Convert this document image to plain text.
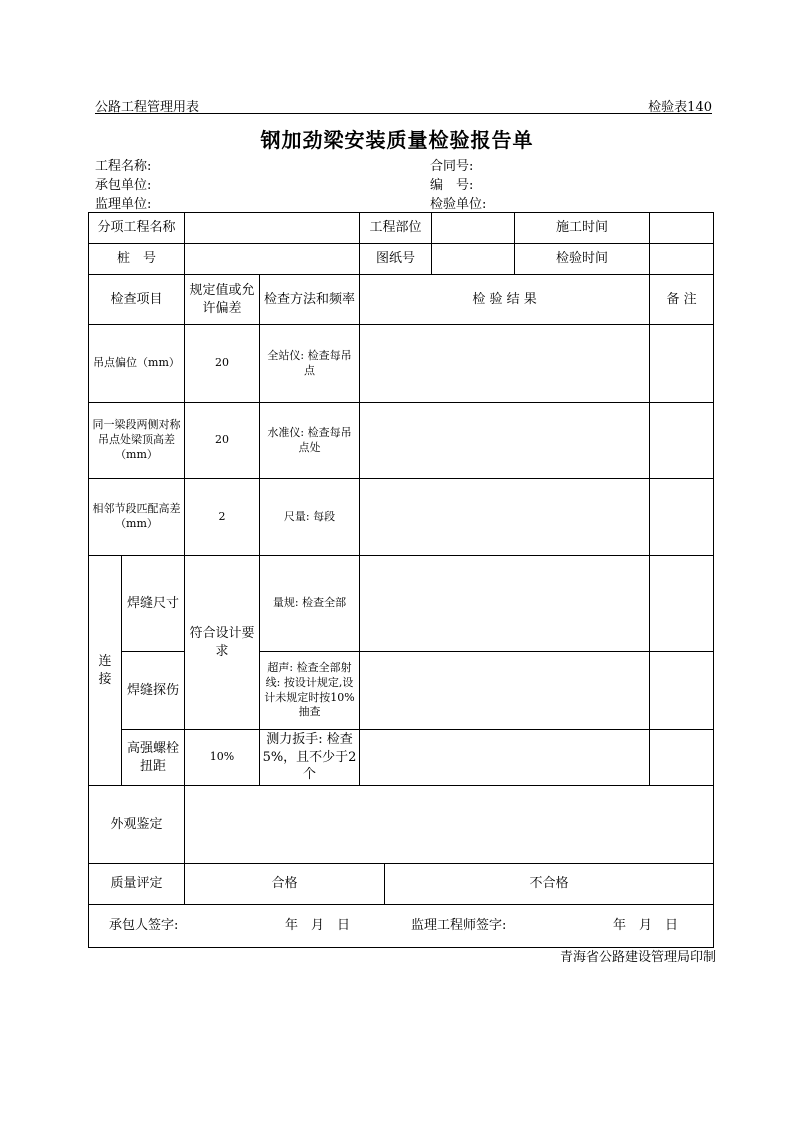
公路工程管理用表	检验表140
钢加劲梁安装质量检验报告单
工程名称:	合同号:
承包单位:	编　号:
监理单位:	检验单位:
分项工程名称				工程部位			施工时间	
桩　号				图纸号			检验时间	
检查项目		规定值或允许偏差	检查方法和频率	检 验 结 果				备 注
吊点偏位（mm）		20	全站仪: 检查每吊点					
同一梁段两侧对称吊点处梁顶高差（mm）		20	水准仪: 检查每吊点处					
相邻节段匹配高差（mm）		2	尺量: 每段					
连接	焊缝尺寸	符合设计要求	量规: 检查全部					
	焊缝探伤		超声: 检查全部射线: 按设计规定,设计未规定时按10%抽查					
	高强螺栓扭距	10%	测力扳手: 检查5%，且不少于2个					
外观鉴定								
质量评定		合格			不合格			

承包人签字: 年　月　日 监理工程师签字: 年　月　日								
青海省公路建设管理局印制
